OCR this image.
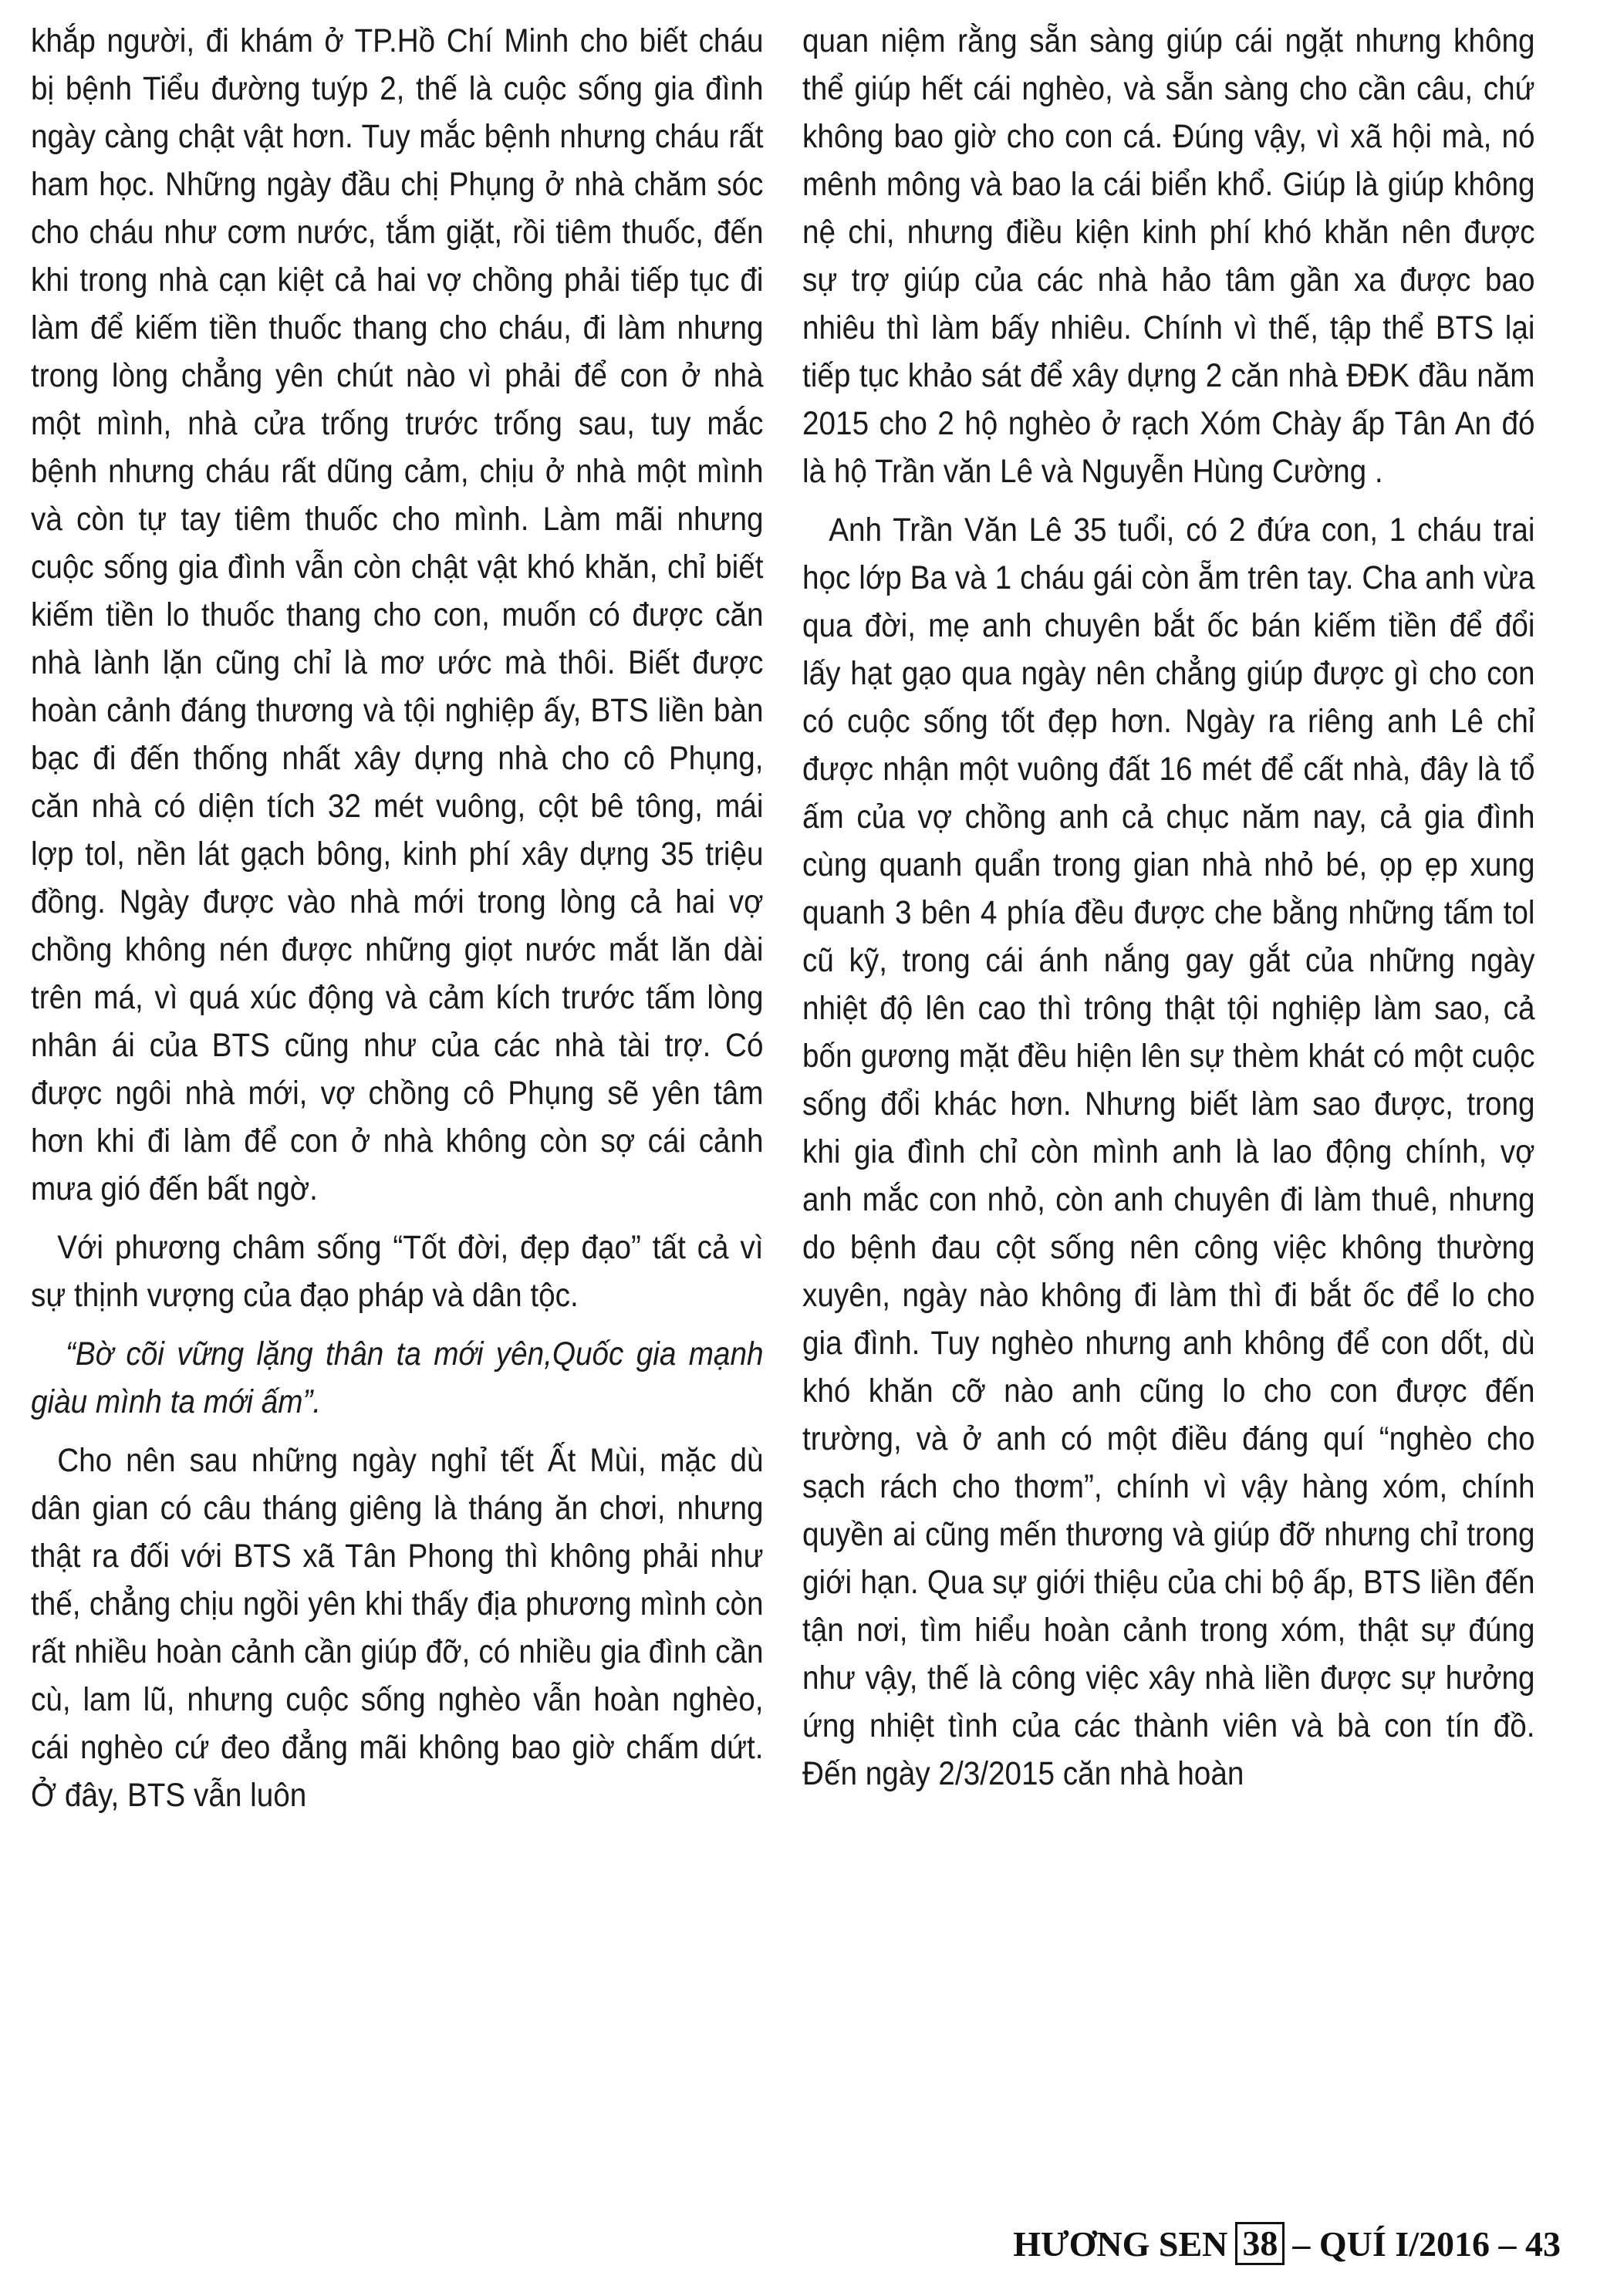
khắp người, đi khám ở TP.Hồ Chí Minh cho biết cháu bị bệnh Tiểu đường tuýp 2, thế là cuộc sống gia đình ngày càng chật vật hơn. Tuy mắc bệnh nhưng cháu rất ham học. Những ngày đầu chị Phụng ở nhà chăm sóc cho cháu như cơm nước, tắm giặt, rồi tiêm thuốc, đến khi trong nhà cạn kiệt cả hai vợ chồng phải tiếp tục đi làm để kiếm tiền thuốc thang cho cháu, đi làm nhưng trong lòng chẳng yên chút nào vì phải để con ở nhà một mình, nhà cửa trống trước trống sau, tuy mắc bệnh nhưng cháu rất dũng cảm, chịu ở nhà một mình và còn tự tay tiêm thuốc cho mình. Làm mãi nhưng cuộc sống gia đình vẫn còn chật vật khó khăn, chỉ biết kiếm tiền lo thuốc thang cho con, muốn có được căn nhà lành lặn cũng chỉ là mơ ước mà thôi. Biết được hoàn cảnh đáng thương và tội nghiệp ấy, BTS liền bàn bạc đi đến thống nhất xây dựng nhà cho cô Phụng, căn nhà có diện tích 32 mét vuông, cột bê tông, mái lợp tol, nền lát gạch bông, kinh phí xây dựng 35 triệu đồng. Ngày được vào nhà mới trong lòng cả hai vợ chồng không nén được những giọt nước mắt lăn dài trên má, vì quá xúc động và cảm kích trước tấm lòng nhân ái của BTS cũng như của các nhà tài trợ. Có được ngôi nhà mới, vợ chồng cô Phụng sẽ yên tâm hơn khi đi làm để con ở nhà không còn sợ cái cảnh mưa gió đến bất ngờ.

Với phương châm sống “Tốt đời, đẹp đạo” tất cả vì sự thịnh vượng của đạo pháp và dân tộc.

“Bờ cõi vững lặng thân ta mới yên,Quốc gia mạnh giàu mình ta mới ấm”.

Cho nên sau những ngày nghỉ tết Ất Mùi, mặc dù dân gian có câu tháng giêng là tháng ăn chơi, nhưng thật ra đối với BTS xã Tân Phong thì không phải như thế, chẳng chịu ngồi yên khi thấy địa phương mình còn rất nhiều hoàn cảnh cần giúp đỡ, có nhiều gia đình cần cù, lam lũ, nhưng cuộc sống nghèo vẫn hoàn nghèo, cái nghèo cứ đeo đẳng mãi không bao giờ chấm dứt. Ở đây, BTS vẫn luôn

quan niệm rằng sẵn sàng giúp cái ngặt nhưng không thể giúp hết cái nghèo, và sẵn sàng cho cần câu, chứ không bao giờ cho con cá. Đúng vậy, vì xã hội mà, nó mênh mông và bao la cái biển khổ. Giúp là giúp không nệ chi, nhưng điều kiện kinh phí khó khăn nên được sự trợ giúp của các nhà hảo tâm gần xa được bao nhiêu thì làm bấy nhiêu. Chính vì thế, tập thể BTS lại tiếp tục khảo sát để xây dựng 2 căn nhà ĐĐK đầu năm 2015 cho 2 hộ nghèo ở rạch Xóm Chày ấp Tân An đó là hộ Trần văn Lê và Nguyễn Hùng Cường .

Anh Trần Văn Lê 35 tuổi, có 2 đứa con, 1 cháu trai học lớp Ba và 1 cháu gái còn ẵm trên tay. Cha anh vừa qua đời, mẹ anh chuyên bắt ốc bán kiếm tiền để đổi lấy hạt gạo qua ngày nên chẳng giúp được gì cho con có cuộc sống tốt đẹp hơn. Ngày ra riêng anh Lê chỉ được nhận một vuông đất 16 mét để cất nhà, đây là tổ ấm của vợ chồng anh cả chục năm nay, cả gia đình cùng quanh quẩn trong gian nhà nhỏ bé, ọp ẹp xung quanh 3 bên 4 phía đều được che bằng những tấm tol cũ kỹ, trong cái ánh nắng gay gắt của những ngày nhiệt độ lên cao thì trông thật tội nghiệp làm sao, cả bốn gương mặt đều hiện lên sự thèm khát có một cuộc sống đổi khác hơn. Nhưng biết làm sao được, trong khi gia đình chỉ còn mình anh là lao động chính, vợ anh mắc con nhỏ, còn anh chuyên đi làm thuê, nhưng do bệnh đau cột sống nên công việc không thường xuyên, ngày nào không đi làm thì đi bắt ốc để lo cho gia đình. Tuy nghèo nhưng anh không để con dốt, dù khó khăn cỡ nào anh cũng lo cho con được đến trường, và ở anh có một điều đáng quí “nghèo cho sạch rách cho thơm”, chính vì vậy hàng xóm, chính quyền ai cũng mến thương và giúp đỡ nhưng chỉ trong giới hạn. Qua sự giới thiệu của chi bộ ấp, BTS liền đến tận nơi, tìm hiểu hoàn cảnh trong xóm, thật sự đúng như vậy, thế là công việc xây nhà liền được sự hưởng ứng nhiệt tình của các thành viên và bà con tín đồ. Đến ngày 2/3/2015 căn nhà hoàn

HƯƠNG SEN 38 – QUÍ I/2016 – 43
